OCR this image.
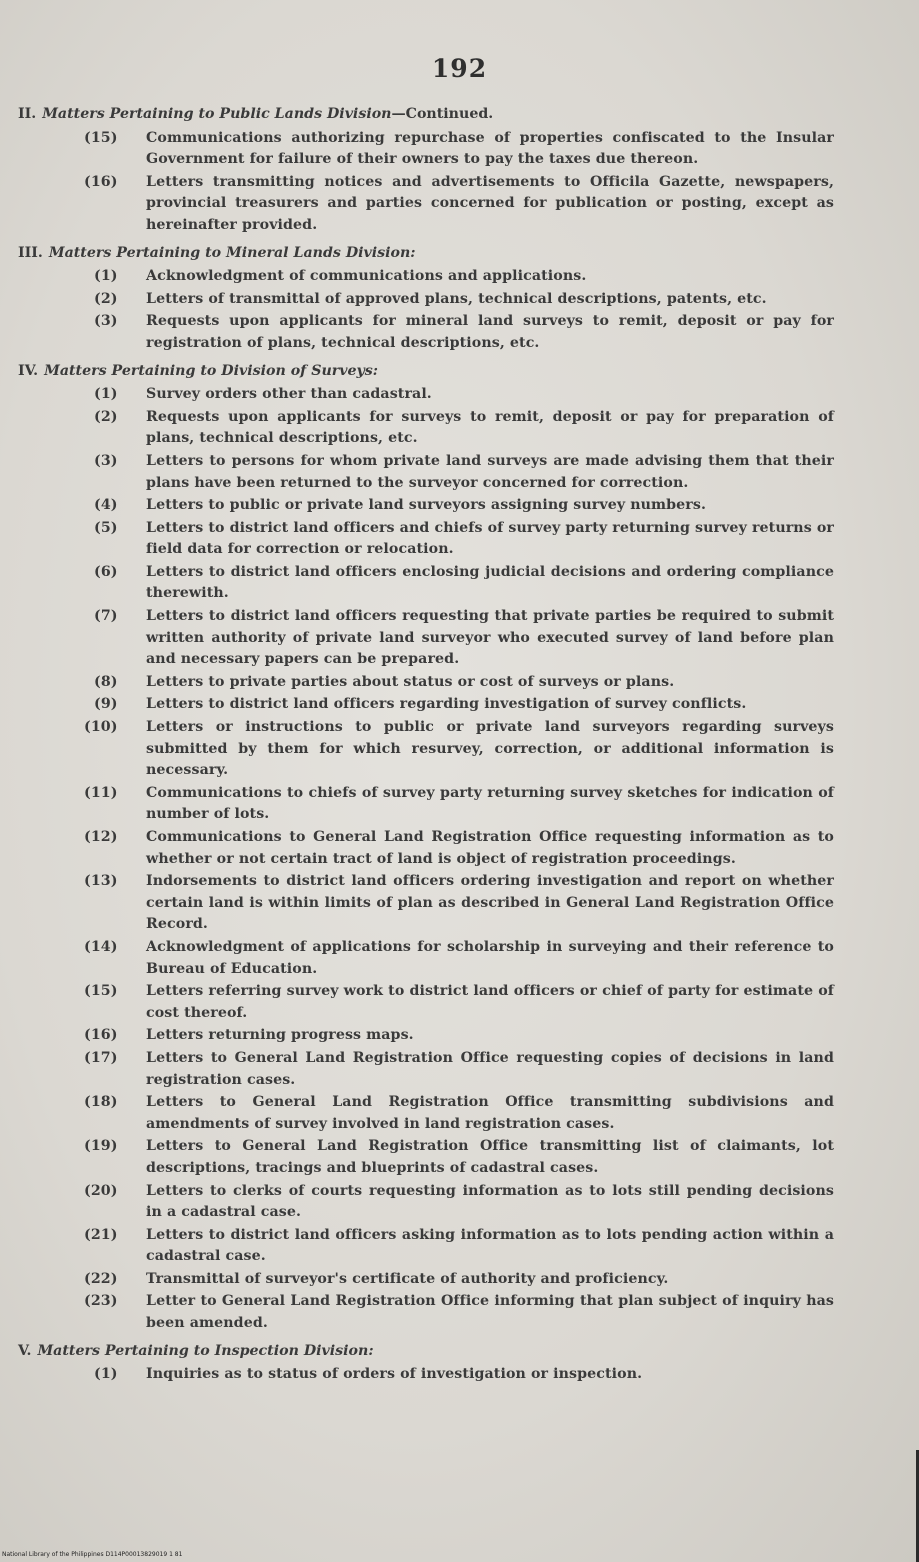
192
II. Matters Pertaining to Public Lands Division—Continued.
(15) Communications authorizing repurchase of properties confiscated to the Insular Government for failure of their owners to pay the taxes due thereon.
(16) Letters transmitting notices and advertisements to Officila Gazette, newspapers, provincial treasurers and parties concerned for publication or posting, except as hereinafter provided.
III. Matters Pertaining to Mineral Lands Division:
(1) Acknowledgment of communications and applications.
(2) Letters of transmittal of approved plans, technical descriptions, patents, etc.
(3) Requests upon applicants for mineral land surveys to remit, deposit or pay for registration of plans, technical descriptions, etc.
IV. Matters Pertaining to Division of Surveys:
(1) Survey orders other than cadastral.
(2) Requests upon applicants for surveys to remit, deposit or pay for preparation of plans, technical descriptions, etc.
(3) Letters to persons for whom private land surveys are made advising them that their plans have been returned to the surveyor concerned for correction.
(4) Letters to public or private land surveyors assigning survey numbers.
(5) Letters to district land officers and chiefs of survey party returning survey returns or field data for correction or relocation.
(6) Letters to district land officers enclosing judicial decisions and ordering compliance therewith.
(7) Letters to district land officers requesting that private parties be required to submit written authority of private land surveyor who executed survey of land before plan and necessary papers can be prepared.
(8) Letters to private parties about status or cost of surveys or plans.
(9) Letters to district land officers regarding investigation of survey conflicts.
(10) Letters or instructions to public or private land surveyors regarding surveys submitted by them for which resurvey, correction, or additional information is necessary.
(11) Communications to chiefs of survey party returning survey sketches for indication of number of lots.
(12) Communications to General Land Registration Office requesting information as to whether or not certain tract of land is object of registration proceedings.
(13) Indorsements to district land officers ordering investigation and report on whether certain land is within limits of plan as described in General Land Registration Office Record.
(14) Acknowledgment of applications for scholarship in surveying and their reference to Bureau of Education.
(15) Letters referring survey work to district land officers or chief of party for estimate of cost thereof.
(16) Letters returning progress maps.
(17) Letters to General Land Registration Office requesting copies of decisions in land registration cases.
(18) Letters to General Land Registration Office transmitting subdivisions and amendments of survey involved in land registration cases.
(19) Letters to General Land Registration Office transmitting list of claimants, lot descriptions, tracings and blueprints of cadastral cases.
(20) Letters to clerks of courts requesting information as to lots still pending decisions in a cadastral case.
(21) Letters to district land officers asking information as to lots pending action within a cadastral case.
(22) Transmittal of surveyor's certificate of authority and proficiency.
(23) Letter to General Land Registration Office informing that plan subject of inquiry has been amended.
V. Matters Pertaining to Inspection Division:
(1) Inquiries as to status of orders of investigation or inspection.
National Library of the Philippines D114P00013829019 1 81
